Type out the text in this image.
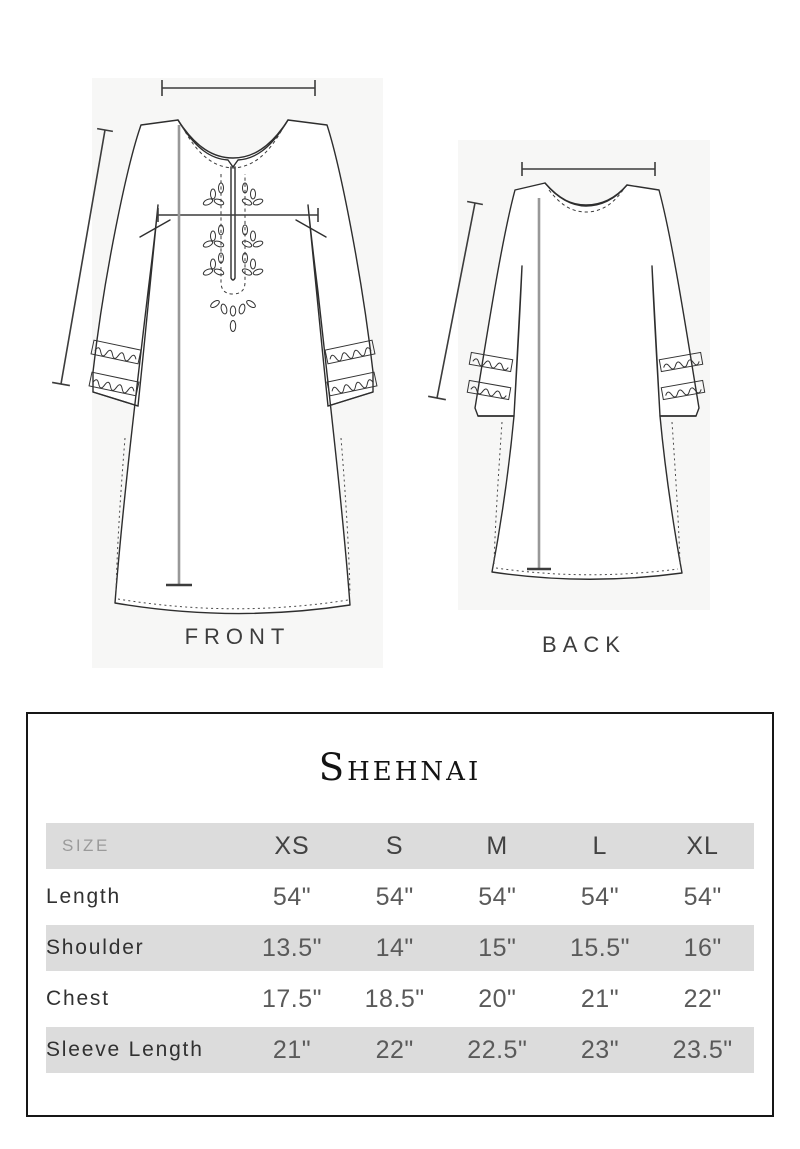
FRONT	BACK
Shehnai
SIZE	XS	S	M	L	XL
Length	54"	54"	54"	54"	54"
Shoulder	13.5"	14"	15"	15.5"	16"
Chest	17.5"	18.5"	20"	21"	22"
Sleeve Length	21"	22"	22.5"	23"	23.5"
